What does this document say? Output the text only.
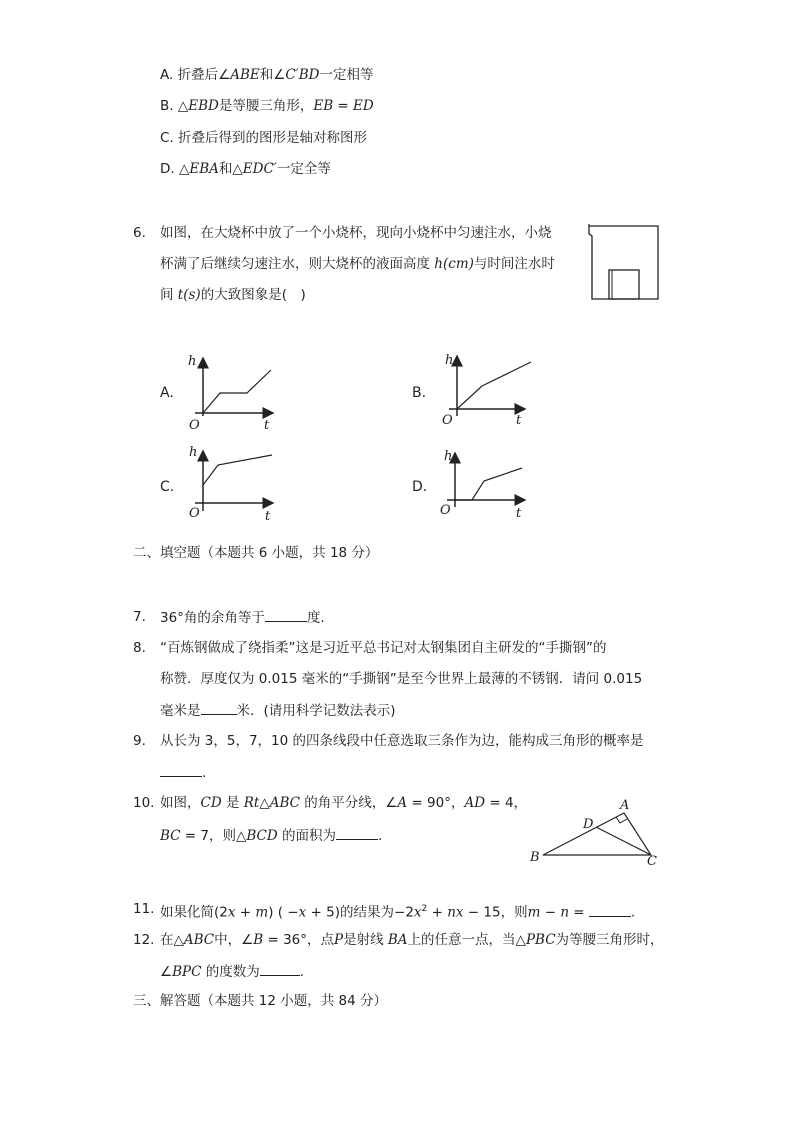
A. 折叠后∠ABE和∠C′BD一定相等
B. △EBD是等腰三角形，EB = ED
C. 折叠后得到的图形是轴对称图形
D. △EBA和△EDC′一定全等
6. 如图，在大烧杯中放了一个小烧杯，现向小烧杯中匀速注水，小烧
杯满了后继续匀速注水，则大烧杯的液面高度 h(cm)与时间注水时
间 t(s)的大致图象是(　)
A.
h
t
O
B.
h
t
O
C.
h
t
O
D.
h
t
O
二、填空题（本题共 6 小题，共 18 分）
7. 36°角的余角等于	度.
8. “百炼钢做成了绕指柔”这是习近平总书记对太钢集团自主研发的“手撕钢”的
称赞．厚度仅为 0.015 毫米的“手撕钢”是至今世界上最薄的不锈钢．请问 0.015
毫米是	米．(请用科学记数法表示)
9. 从长为 3，5，7，10 的四条线段中任意选取三条作为边，能构成三角形的概率是
.
10. 如图，CD 是 Rt△ABC 的角平分线，∠A = 90°，AD = 4，
BC = 7，则△BCD 的面积为	.
A
B	C
D
11. 如果化简(2x + m) ( −x + 5)的结果为$-2x^2$ + nx − 15，则m − n =	.
12. 在△ABC中，∠B = 36°，点P是射线 BA上的任意一点，当△PBC为等腰三角形时，
∠BPC 的度数为	.
三、解答题（本题共 12 小题，共 84 分）
